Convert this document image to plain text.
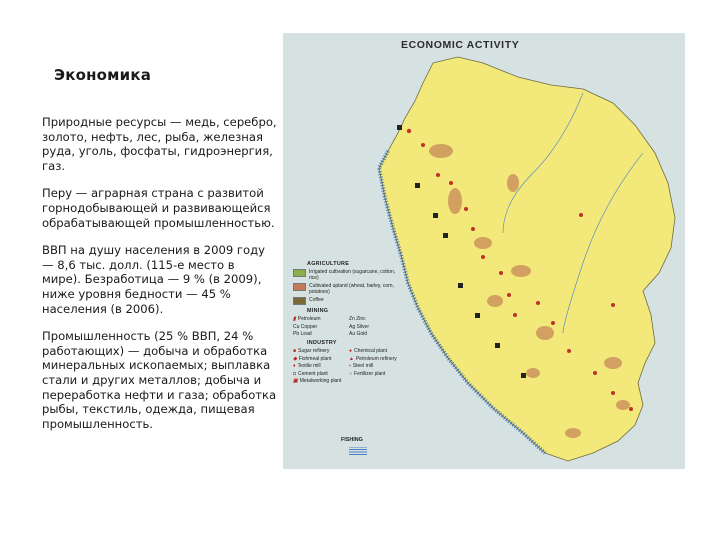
Экономика

Природные ресурсы — медь, серебро, золото, нефть, лес, рыба, железная руда, уголь, фосфаты, гидроэнергия, газ.

Перу — аграрная страна с развитой горнодобывающей и развивающейся обрабатывающей промышленностью.

ВВП на душу населения в 2009 году — 8,6 тыс. долл. (115-е место в мире). Безработица — 9 % (в 2009), ниже уровня бедности — 45 % населения (в 2006).

Промышленность (25 % ВВП, 24 % работающих) — добыча и обработка минеральных ископаемых; выплавка стали и других металлов; добыча и переработка нефти и газа; обработка рыбы, текстиль, одежда, пищевая промышленность.

ECONOMIC ACTIVITY
AGRICULTURE
Irrigated cultivation (sugarcane, cotton, rice)
Cultivated upland (wheat, barley, corn, potatoes)
Coffee
MINING
▮ Petroleum	Zn Zinc
Cu Copper	Ag Silver
Pb Lead	Au Gold
INDUSTRY
■ Sugar refinery	● Chemical plant
◆ Fishmeal plant	▲ Petroleum refinery
♦ Textile mill	▪ Steel mill
◘ Cement plant	○ Fertilizer plant
▣ Metalworking plant
FISHING
